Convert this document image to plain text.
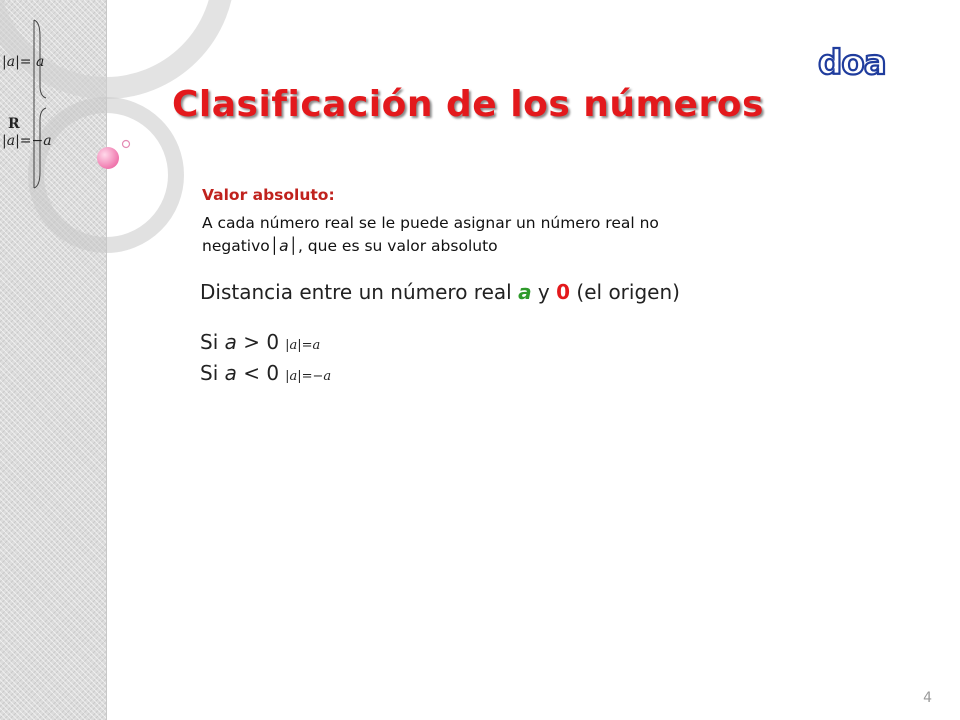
|a|= a
R
|a|=−a
doa
Clasificación de los números
Valor absoluto:
A cada número real se le puede asignar un número real no
negativo│a│, que es su valor absoluto
Distancia entre un número real a y 0 (el origen)
Si a > 0 |a|=a
Si a < 0 |a|=−a
4
